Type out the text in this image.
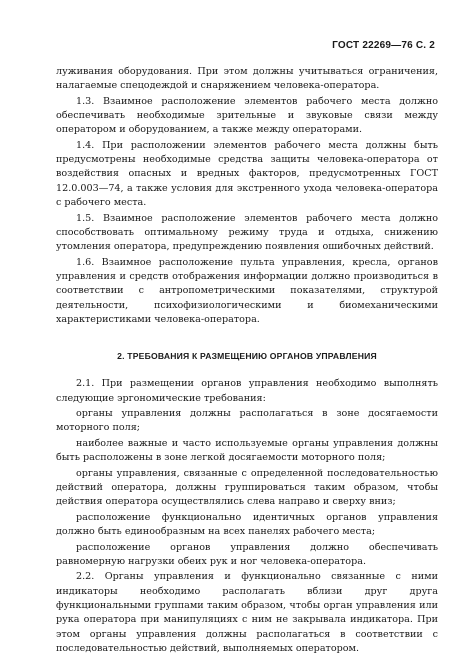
ГОСТ 22269—76 С. 2

луживания оборудования. При этом должны учитываться ограничения, налагаемые спецодеждой и снаряжением человека-оператора.

1.3. Взаимное расположение элементов рабочего места должно обеспечивать необходимые зрительные и звуковые связи между оператором и оборудованием, а также между операторами.

1.4. При расположении элементов рабочего места должны быть предусмотрены необходимые средства защиты человека-оператора от воздействия опасных и вредных факторов, предусмотренных ГОСТ 12.0.003—74, а также условия для экстренного ухода человека-оператора с рабочего места.

1.5. Взаимное расположение элементов рабочего места должно способствовать оптимальному режиму труда и отдыха, снижению утомления оператора, предупреждению появления ошибочных действий.

1.6. Взаимное расположение пульта управления, кресла, органов управления и средств отображения информации должно производиться в соответствии с антропометрическими показателями, структурой деятельности, психофизиологическими и биомеханическими характеристиками человека-оператора.

2. ТРЕБОВАНИЯ К РАЗМЕЩЕНИЮ ОРГАНОВ УПРАВЛЕНИЯ

2.1. При размещении органов управления необходимо выполнять следующие эргономические требования:

органы управления должны располагаться в зоне досягаемости моторного поля;

наиболее важные и часто используемые органы управления должны быть расположены в зоне легкой досягаемости моторного поля;

органы управления, связанные с определенной последовательностью действий оператора, должны группироваться таким образом, чтобы действия оператора осуществлялись слева направо и сверху вниз;

расположение функционально идентичных органов управления должно быть единообразным на всех панелях рабочего места;

расположение органов управления должно обеспечивать равномерную нагрузки обеих рук и ног человека-оператора.

2.2. Органы управления и функционально связанные с ними индикаторы необходимо располагать вблизи друг друга функциональными группами таким образом, чтобы орган управления или рука оператора при манипуляциях с ним не закрывала индикатора. При этом органы управления должны располагаться в соответствии с последовательностью действий, выполняемых оператором.
